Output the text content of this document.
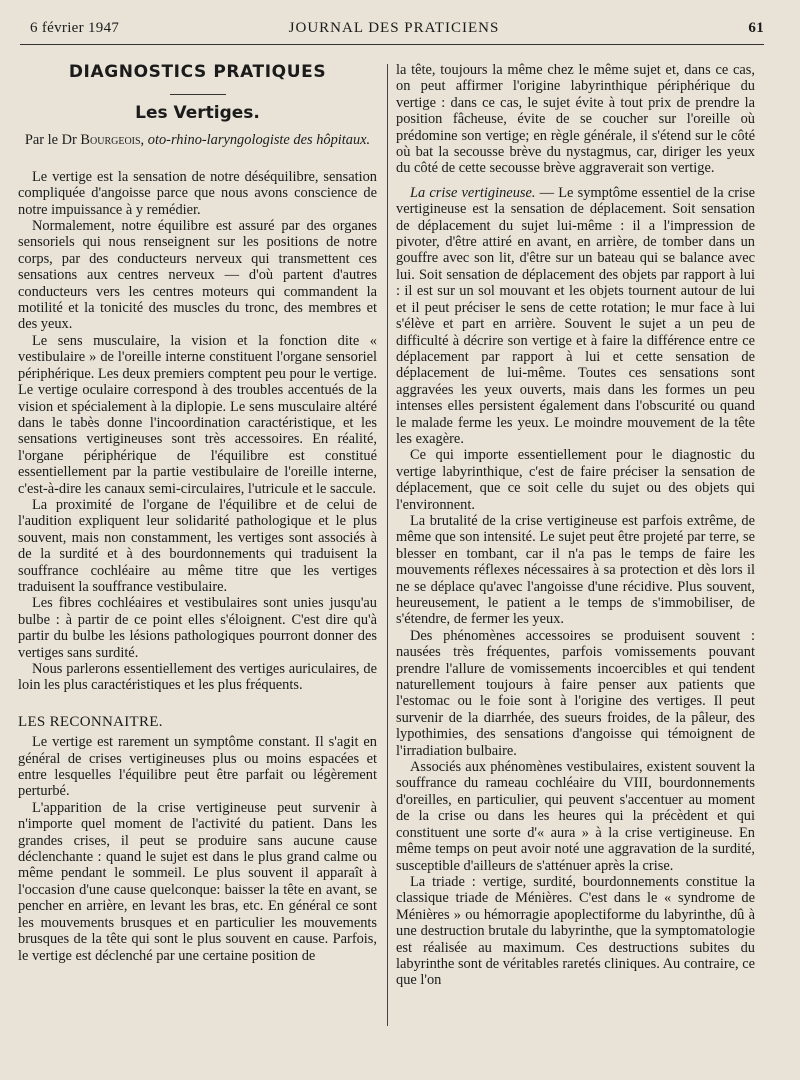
6 février 1947	JOURNAL DES PRATICIENS	61
DIAGNOSTICS PRATIQUES
Les Vertiges.
Par le Dr Bourgeois, oto-rhino-laryngologiste des hôpitaux.

Le vertige est la sensation de notre déséquilibre, sensation compliquée d'angoisse parce que nous avons conscience de notre impuissance à y remédier.

Normalement, notre équilibre est assuré par des organes sensoriels qui nous renseignent sur les positions de notre corps, par des conducteurs nerveux qui transmettent ces sensations aux centres nerveux — d'où partent d'autres conducteurs vers les centres moteurs qui commandent la motilité et la tonicité des muscles du tronc, des membres et des yeux.

Le sens musculaire, la vision et la fonction dite « vestibulaire » de l'oreille interne constituent l'organe sensoriel périphérique. Les deux premiers comptent peu pour le vertige. Le vertige oculaire correspond à des troubles accentués de la vision et spécialement à la diplopie. Le sens musculaire altéré dans le tabès donne l'incoordination caractéristique, et les sensations vertigineuses sont très accessoires. En réalité, l'organe périphérique de l'équilibre est constitué essentiellement par la partie vestibulaire de l'oreille interne, c'est-à-dire les canaux semi-circulaires, l'utricule et le saccule.

La proximité de l'organe de l'équilibre et de celui de l'audition expliquent leur solidarité pathologique et le plus souvent, mais non constamment, les vertiges sont associés à de la surdité et à des bourdonnements qui traduisent la souffrance cochléaire au même titre que les vertiges traduisent la souffrance vestibulaire.

Les fibres cochléaires et vestibulaires sont unies jusqu'au bulbe : à partir de ce point elles s'éloignent. C'est dire qu'à partir du bulbe les lésions pathologiques pourront donner des vertiges sans surdité.

Nous parlerons essentiellement des vertiges auriculaires, de loin les plus caractéristiques et les plus fréquents.

LES RECONNAITRE.

Le vertige est rarement un symptôme constant. Il s'agit en général de crises vertigineuses plus ou moins espacées et entre lesquelles l'équilibre peut être parfait ou légèrement perturbé.

L'apparition de la crise vertigineuse peut survenir à n'importe quel moment de l'activité du patient. Dans les grandes crises, il peut se produire sans aucune cause déclenchante : quand le sujet est dans le plus grand calme ou même pendant le sommeil. Le plus souvent il apparaît à l'occasion d'une cause quelconque: baisser la tête en avant, se pencher en arrière, en levant les bras, etc. En général ce sont les mouvements brusques et en particulier les mouvements brusques de la tête qui sont le plus souvent en cause. Parfois, le vertige est déclenché par une certaine position de

la tête, toujours la même chez le même sujet et, dans ce cas, on peut affirmer l'origine labyrinthique périphérique du vertige : dans ce cas, le sujet évite à tout prix de prendre la position fâcheuse, évite de se coucher sur l'oreille où prédomine son vertige; en règle générale, il s'étend sur le côté où bat la secousse brève du nystagmus, car, diriger les yeux du côté de cette secousse brève aggraverait son vertige.

La crise vertigineuse. — Le symptôme essentiel de la crise vertigineuse est la sensation de déplacement. Soit sensation de déplacement du sujet lui-même : il a l'impression de pivoter, d'être attiré en avant, en arrière, de tomber dans un gouffre avec son lit, d'être sur un bateau qui se balance avec lui. Soit sensation de déplacement des objets par rapport à lui : il est sur un sol mouvant et les objets tournent autour de lui et il peut préciser le sens de cette rotation; le mur face à lui s'élève et part en arrière. Souvent le sujet a un peu de difficulté à décrire son vertige et à faire la différence entre ce déplacement par rapport à lui et cette sensation de déplacement de lui-même. Toutes ces sensations sont aggravées les yeux ouverts, mais dans les formes un peu intenses elles persistent également dans l'obscurité ou quand le malade ferme les yeux. Le moindre mouvement de la tête les exagère.

Ce qui importe essentiellement pour le diagnostic du vertige labyrinthique, c'est de faire préciser la sensation de déplacement, que ce soit celle du sujet ou des objets qui l'environnent.

La brutalité de la crise vertigineuse est parfois extrême, de même que son intensité. Le sujet peut être projeté par terre, se blesser en tombant, car il n'a pas le temps de faire les mouvements réflexes nécessaires à sa protection et dès lors il ne se déplace qu'avec l'angoisse d'une récidive. Plus souvent, heureusement, le patient a le temps de s'immobiliser, de s'étendre, de fermer les yeux.

Des phénomènes accessoires se produisent souvent : nausées très fréquentes, parfois vomissements pouvant prendre l'allure de vomissements incoercibles et qui tendent naturellement toujours à faire penser aux patients que l'estomac ou le foie sont à l'origine des vertiges. Il peut survenir de la diarrhée, des sueurs froides, de la pâleur, des lypothimies, des sensations d'angoisse qui témoignent de l'irradiation bulbaire.

Associés aux phénomènes vestibulaires, existent souvent la souffrance du rameau cochléaire du VIII, bourdonnements d'oreilles, en particulier, qui peuvent s'accentuer au moment de la crise ou dans les heures qui la précèdent et qui constituent une sorte d'« aura » à la crise vertigineuse. En même temps on peut avoir noté une aggravation de la surdité, susceptible d'ailleurs de s'atténuer après la crise.

La triade : vertige, surdité, bourdonnements constitue la classique triade de Ménières. C'est dans le « syndrome de Ménières » ou hémorragie apoplectiforme du labyrinthe, dû à une destruction brutale du labyrinthe, que la symptomatologie est réalisée au maximum. Ces destructions subites du labyrinthe sont de véritables raretés cliniques. Au contraire, ce que l'on
